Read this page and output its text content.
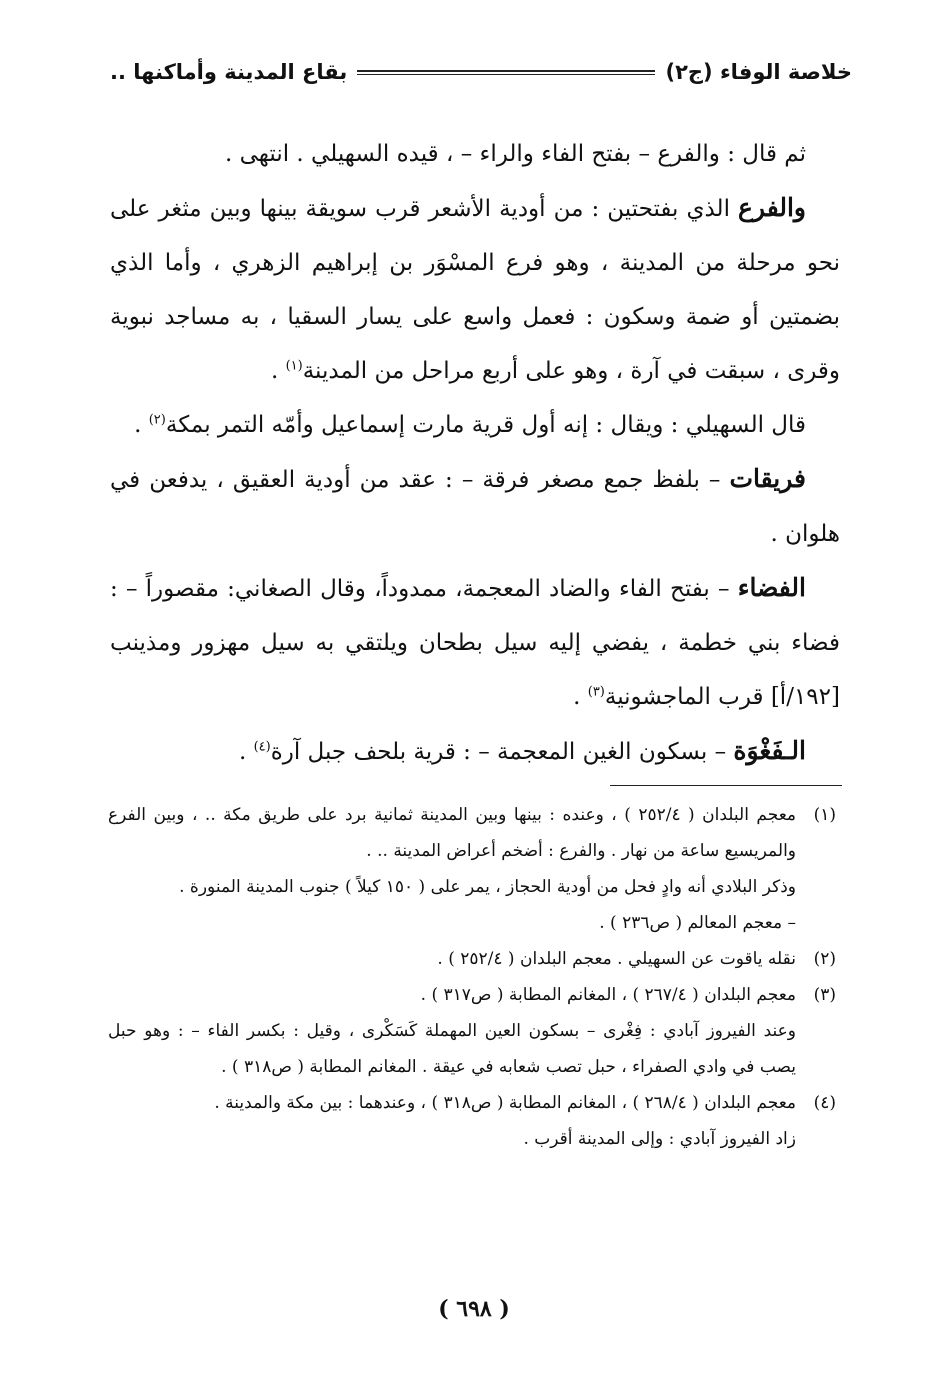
خلاصة الوفاء (ج٢)
بقاع المدينة وأماكنها ..

ثم قال : والفرع – بفتح الفاء والراء – ، قيده السهيلي . انتهى .

والفرع الذي بفتحتين : من أودية الأشعر قرب سويقة بينها وبين مثغر على نحو مرحلة من المدينة ، وهو فرع المسْوَر بن إبراهيم الزهري ، وأما الذي بضمتين أو ضمة وسكون : فعمل واسع على يسار السقيا ، به مساجد نبوية وقرى ، سبقت في آرة ، وهو على أربع مراحل من المدينة$^{(١)}$ .

قال السهيلي : ويقال : إنه أول قرية مارت إسماعيل وأمّه التمر بمكة$^{(٢)}$ .

فريقات – بلفظ جمع مصغر فرقة – : عقد من أودية العقيق ، يدفعن في هلوان .

الفضاء – بفتح الفاء والضاد المعجمة، ممدوداً، وقال الصغاني: مقصوراً – : فضاء بني خطمة ، يفضي إليه سيل بطحان ويلتقي به سيل مهزور ومذينب [١٩٢/أ] قرب الماجشونية$^{(٣)}$ .

الـفَغْوَة – بسكون الغين المعجمة – : قرية بلحف جبل آرة$^{(٤)}$ .

(١)
معجم البلدان ( ٢٥٢/٤ ) ، وعنده : بينها وبين المدينة ثمانية برد على طريق مكة .. ، وبين الفرع والمريسيع ساعة من نهار . والفرع : أضخم أعراض المدينة .. .
وذكر البلادي أنه وادٍ فحل من أودية الحجاز ، يمر على ( ١٥٠ كيلاً ) جنوب المدينة المنورة .
– معجم المعالم ( ص٢٣٦ ) .
(٢)
نقله ياقوت عن السهيلي . معجم البلدان ( ٢٥٢/٤ ) .
(٣)
معجم البلدان ( ٢٦٧/٤ ) ، المغانم المطابة ( ص٣١٧ ) .
وعند الفيروز آبادي : فِغْرى – بسكون العين المهملة كَسَكْرى ، وقيل : بكسر الفاء – : وهو حبل يصب في وادي الصفراء ، حبل تصب شعابه في عيقة . المغانم المطابة ( ص٣١٨ ) .
(٤)
معجم البلدان ( ٢٦٨/٤ ) ، المغانم المطابة ( ص٣١٨ ) ، وعندهما : بين مكة والمدينة .
زاد الفيروز آبادي : وإلى المدينة أقرب .
( ٦٩٨ )
